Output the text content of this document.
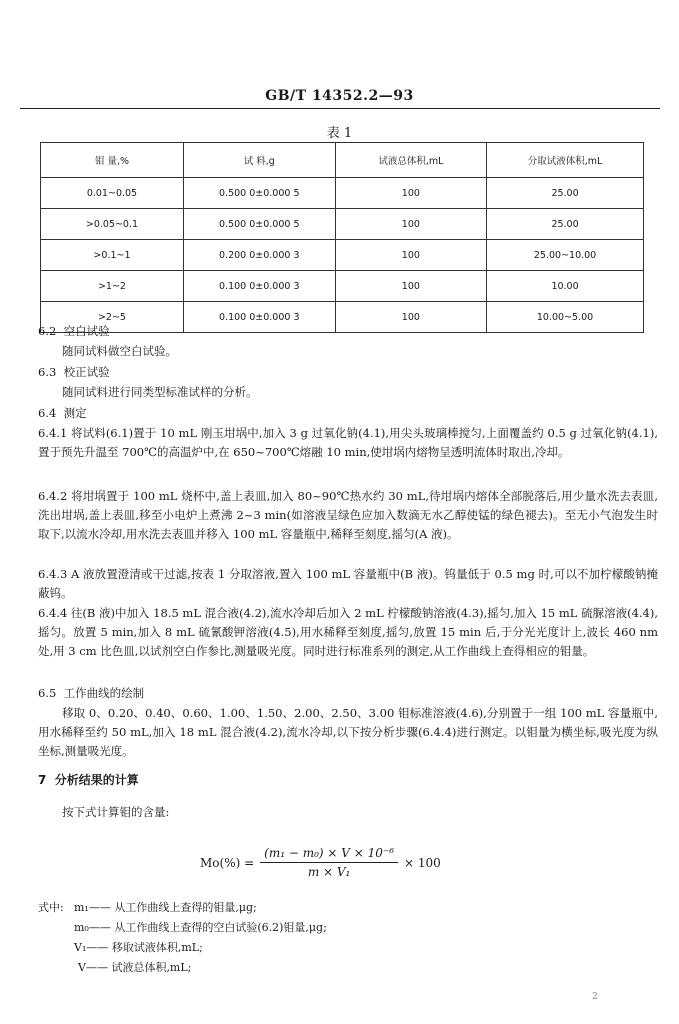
GB/T 14352.2—93
表 1
钼 量,%	试 料,g	试液总体积,mL	分取试液体积,mL
0.01~0.05	0.500 0±0.000 5	100	25.00
>0.05~0.1	0.500 0±0.000 5	100	25.00
>0.1~1	0.200 0±0.000 3	100	25.00~10.00
>1~2	0.100 0±0.000 3	100	10.00
>2~5	0.100 0±0.000 3	100	10.00~5.00
6.2 空白试验
随同试料做空白试验。
6.3 校正试验
随同试料进行同类型标准试样的分析。
6.4 测定
6.4.1 将试料(6.1)置于 10 mL 刚玉坩埚中,加入 3 g 过氧化钠(4.1),用尖头玻璃棒搅匀,上面覆盖约 0.5 g 过氧化钠(4.1),置于预先升温至 700℃的高温炉中,在 650~700℃熔融 10 min,使坩埚内熔物呈透明流体时取出,冷却。
6.4.2 将坩埚置于 100 mL 烧杯中,盖上表皿,加入 80~90℃热水约 30 mL,待坩埚内熔体全部脱落后,用少量水洗去表皿,洗出坩埚,盖上表皿,移至小电炉上煮沸 2~3 min(如溶液呈绿色应加入数滴无水乙醇使锰的绿色褪去)。至无小气泡发生时取下,以流水冷却,用水洗去表皿并移入 100 mL 容量瓶中,稀释至刻度,摇匀(A 液)。
6.4.3 A 液放置澄清或干过滤,按表 1 分取溶液,置入 100 mL 容量瓶中(B 液)。钨量低于 0.5 mg 时,可以不加柠檬酸钠掩蔽钨。
6.4.4 往(B 液)中加入 18.5 mL 混合液(4.2),流水冷却后加入 2 mL 柠檬酸钠溶液(4.3),摇匀,加入 15 mL 硫脲溶液(4.4),摇匀。放置 5 min,加入 8 mL 硫氰酸钾溶液(4.5),用水稀释至刻度,摇匀,放置 15 min 后,于分光光度计上,波长 460 nm 处,用 3 cm 比色皿,以试剂空白作参比,测量吸光度。同时进行标准系列的测定,从工作曲线上查得相应的钼量。
6.5 工作曲线的绘制
移取 0、0.20、0.40、0.60、1.00、1.50、2.00、2.50、3.00 钼标准溶液(4.6),分别置于一组 100 mL 容量瓶中,用水稀释至约 50 mL,加入 18 mL 混合液(4.2),流水冷却,以下按分析步骤(6.4.4)进行测定。以钼量为横坐标,吸光度为纵坐标,测量吸光度。
7 分析结果的计算
按下式计算钼的含量:
$Mo(\%) = \frac{\text{(m₁ − m₀) × V × 10⁻⁶}}{\text{m × V₁}} \times 100$
式中: m₁—— 从工作曲线上查得的钼量,μg;
m₀—— 从工作曲线上查得的空白试验(6.2)钼量,μg;
V₁—— 移取试液体积,mL;
V—— 试液总体积,mL;
2
